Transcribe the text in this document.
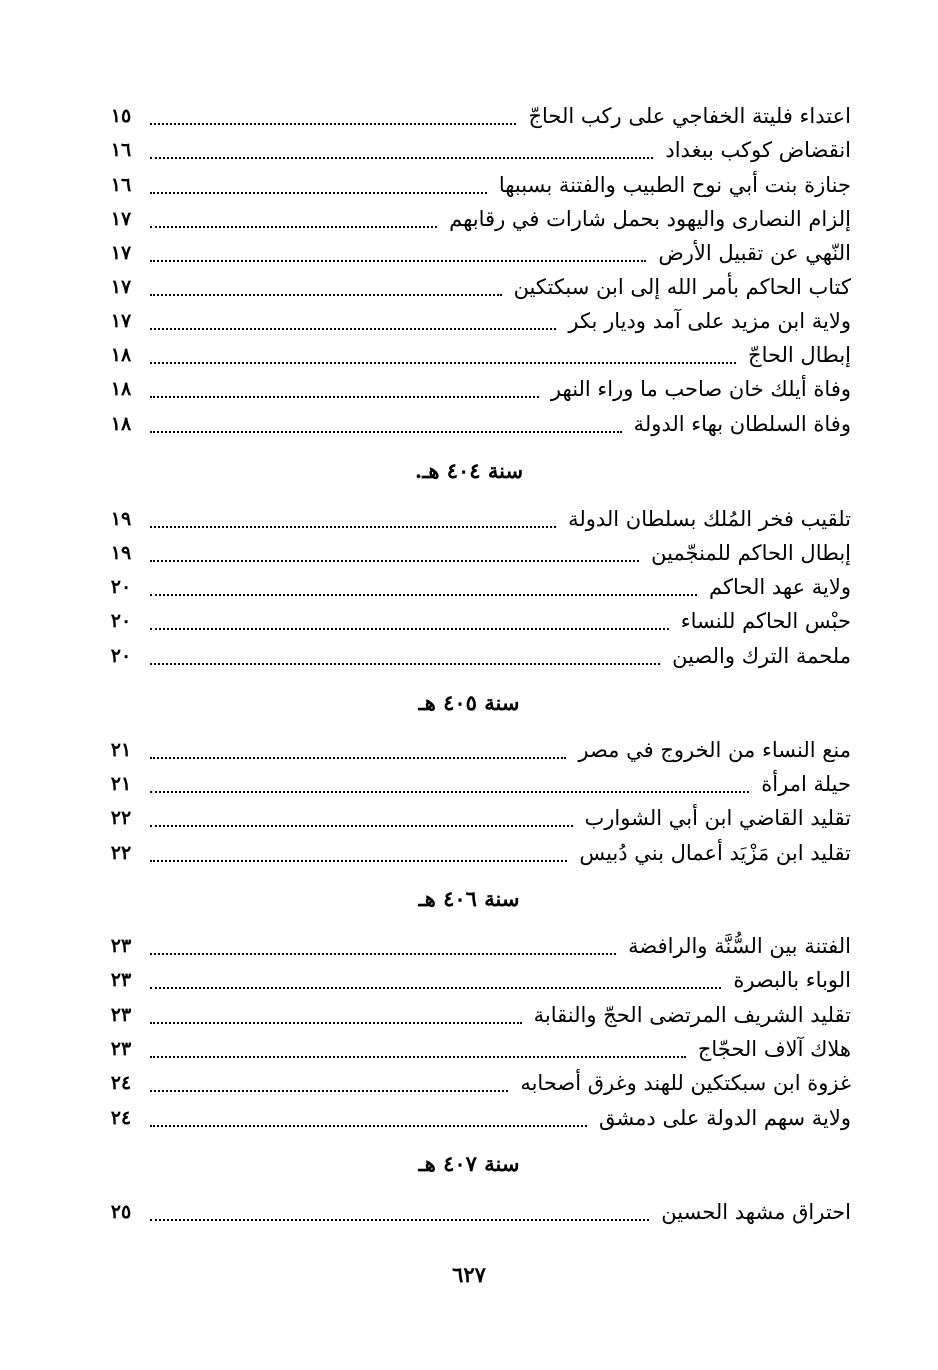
اعتداء فليتة الخفاجي على ركب الحاجّ
١٥
انقضاض كوكب ببغداد
١٦
جنازة بنت أبي نوح الطبيب والفتنة بسببها
١٦
إلزام النصارى واليهود بحمل شارات في رقابهم
١٧
النّهي عن تقبيل الأرض
١٧
كتاب الحاكم بأمر الله إلى ابن سبكتكين
١٧
ولاية ابن مزيد على آمد وديار بكر
١٧
إبطال الحاجّ
١٨
وفاة أيلك خان صاحب ما وراء النهر
١٨
وفاة السلطان بهاء الدولة
١٨
سنة ٤٠٤ هـ.
تلقيب فخر المُلك بسلطان الدولة
١٩
إبطال الحاكم للمنجّمين
١٩
ولاية عهد الحاكم
٢٠
حبْس الحاكم للنساء
٢٠
ملحمة الترك والصين
٢٠
سنة ٤٠٥ هـ
منع النساء من الخروج في مصر
٢١
حيلة امرأة
٢١
تقليد القاضي ابن أبي الشوارب
٢٢
تقليد ابن مَزْيَد أعمال بني دُبيس
٢٢
سنة ٤٠٦ هـ
الفتنة بين السُّنَّة والرافضة
٢٣
الوباء بالبصرة
٢٣
تقليد الشريف المرتضى الحجّ والنقابة
٢٣
هلاك آلاف الحجّاج
٢٣
غزوة ابن سبكتكين للهند وغرق أصحابه
٢٤
ولاية سهم الدولة على دمشق
٢٤
سنة ٤٠٧ هـ
احتراق مشهد الحسين
٢٥
٦٢٧
